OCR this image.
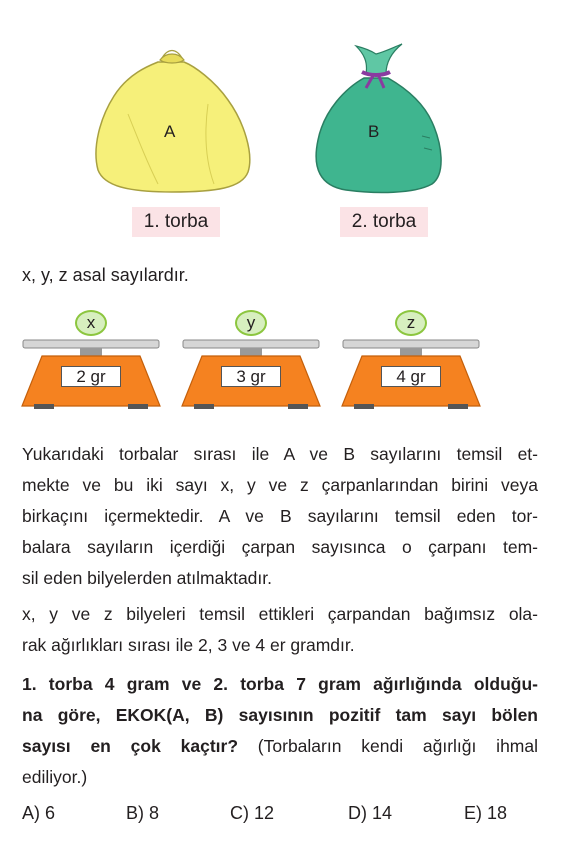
A	B
1. torba	2. torba
x, y, z asal sayılardır.
x
2 gr
y
3 gr
z
4 gr
Yukarıdaki torbalar sırası ile A ve B sayılarını temsil et-
mekte ve bu iki sayı x, y ve z çarpanlarından birini veya
birkaçını içermektedir. A ve B sayılarını temsil eden tor-
balara sayıların içerdiği çarpan sayısınca o çarpanı tem-
sil eden bilyelerden atılmaktadır.
x, y ve z bilyeleri temsil ettikleri çarpandan bağımsız ola-
rak ağırlıkları sırası ile 2, 3 ve 4 er gramdır.
1. torba 4 gram ve 2. torba 7 gram ağırlığında olduğu-
na göre, EKOK(A, B) sayısının pozitif tam sayı bölen
sayısı en çok kaçtır? (Torbaların kendi ağırlığı ihmal
ediliyor.)
A) 6	B) 8	C) 12	D) 14	E) 18
